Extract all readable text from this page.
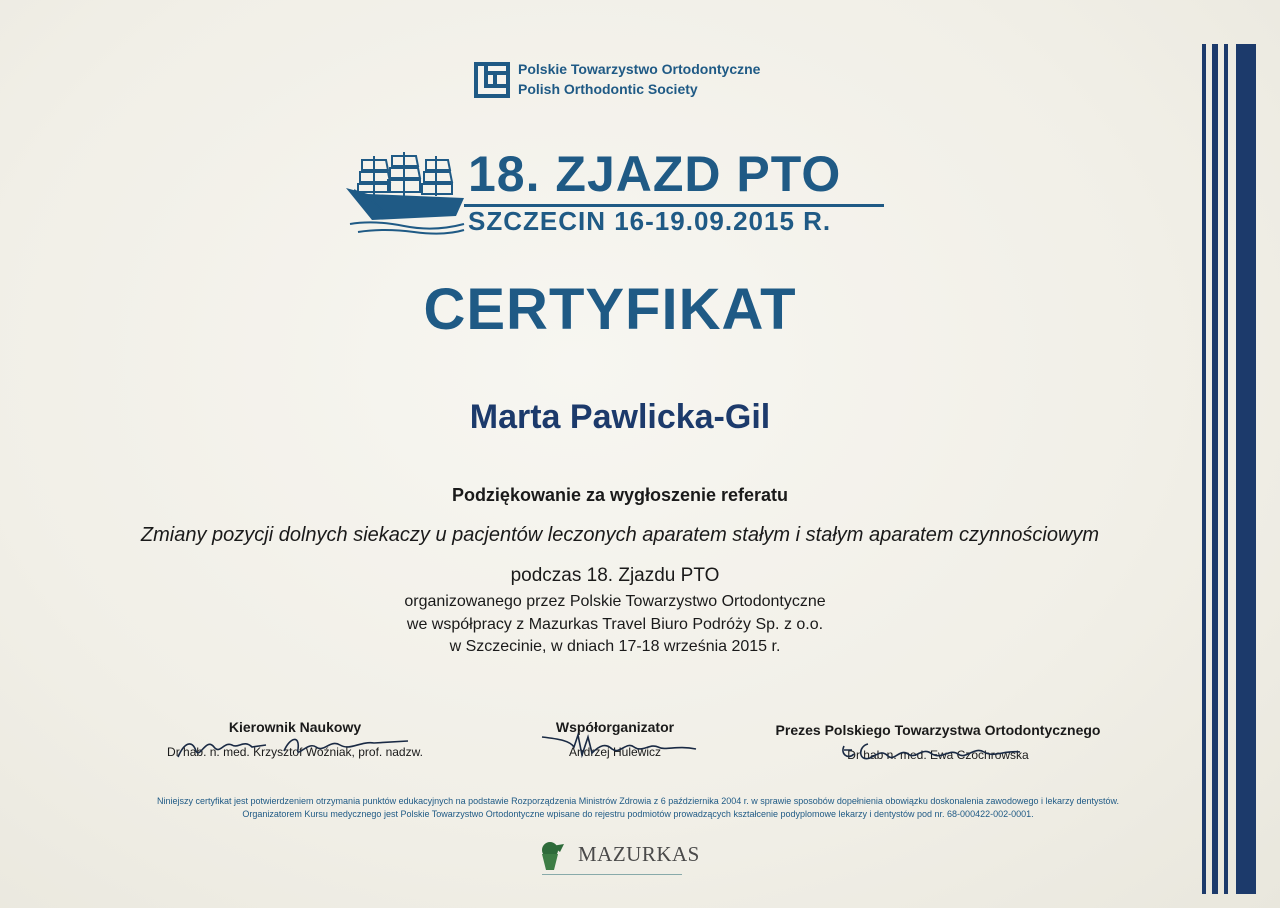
Polskie Towarzystwo Ortodontyczne
Polish Orthodontic Society
18. ZJAZD PTO
SZCZECIN 16-19.09.2015 R.
CERTYFIKAT
Marta Pawlicka-Gil
Podziękowanie za wygłoszenie referatu
Zmiany pozycji dolnych siekaczy u pacjentów leczonych aparatem stałym i stałym aparatem czynnościowym
podczas 18. Zjazdu PTO
organizowanego przez Polskie Towarzystwo Ortodontyczne
we współpracy z Mazurkas Travel Biuro Podróży Sp. z o.o.
w Szczecinie, w dniach 17-18 września 2015 r.
Kierownik Naukowy
Dr hab. n. med. Krzysztof Woźniak, prof. nadzw.
Współorganizator
Andrzej Hulewicz
Prezes Polskiego Towarzystwa Ortodontycznego
Dr hab n. med. Ewa Czochrowska
Niniejszy certyfikat jest potwierdzeniem otrzymania punktów edukacyjnych na podstawie Rozporządzenia Ministrów Zdrowia z 6 października 2004 r. w sprawie sposobów dopełnienia obowiązku doskonalenia zawodowego i lekarzy dentystów.
Organizatorem Kursu medycznego jest Polskie Towarzystwo Ortodontyczne wpisane do rejestru podmiotów prowadzących kształcenie podyplomowe lekarzy i dentystów pod nr. 68-000422-002-0001.
MAZURKAS
